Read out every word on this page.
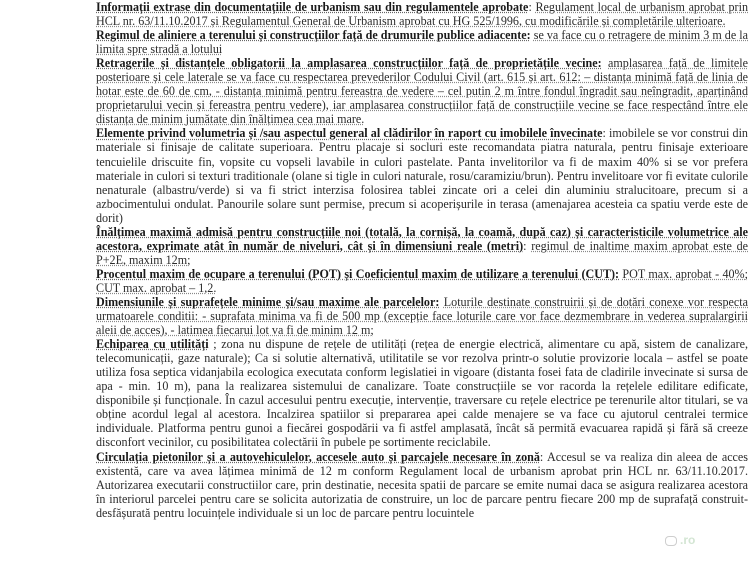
Informații extrase din documentațiile de urbanism sau din regulamentele aprobate: Regulament local de urbanism aprobat prin HCL nr. 63/11.10.2017 și Regulamentul General de Urbanism aprobat cu HG 525/1996, cu modificările și completările ulterioare.

Regimul de aliniere a terenului și construcțiilor față de drumurile publice adiacente: se va face cu o retragere de minim 3 m de la limita spre stradă a lotului

Retragerile și distanțele obligatorii la amplasarea construcțiilor față de proprietățile vecine: amplasarea față de limitele posterioare și cele laterale se va face cu respectarea prevederilor Codului Civil (art. 615 și art. 612: – distanța minimă față de linia de hotar este de 60 de cm, - distanța minimă pentru fereastra de vedere – cel putin 2 m între fondul îngradit sau neîngradit, aparținând proprietarului vecin și fereastra pentru vedere), iar amplasarea construcțiilor față de construcțiile vecine se face respectând între ele distanța de minim jumătate din înălțimea cea mai mare.

Elemente privind volumetria și /sau aspectul general al clădirilor în raport cu imobilele învecinate: imobilele se vor construi din materiale si finisaje de calitate superioara. Pentru placaje si socluri este recomandata piatra naturala, pentru finisaje exterioare tencuielile driscuite fin, vopsite cu vopseli lavabile in culori pastelate. Panta invelitorilor va fi de maxim 40% si se vor prefera materiale in culori si texturi traditionale (olane si tigle in culori naturale, rosu/caramiziu/brun). Pentru invelitoare vor fi evitate culorile nenaturale (albastru/verde) si va fi strict interzisa folosirea tablei zincate ori a celei din aluminiu stralucitoare, precum si a azbocimentului ondulat. Panourile solare sunt permise, precum si acoperișurile in terasa (amenajarea acesteia ca spatiu verde este de dorit)

Înălțimea maximă admisă pentru construcțiile noi (totală, la cornișă, la coamă, după caz) și caracteristicile volumetrice ale acestora, exprimate atât în număr de niveluri, cât și în dimensiuni reale (metri): regimul de inaltime maxim aprobat este de P+2E, maxim 12m;

Procentul maxim de ocupare a terenului (POT) și Coeficientul maxim de utilizare a terenului (CUT): POT max. aprobat - 40%; CUT max. aprobat – 1,2.

Dimensiunile și suprafețele minime și/sau maxime ale parcelelor: Loturile destinate construirii și de dotări conexe vor respecta urmatoarele conditii: - suprafata minima va fi de 500 mp (excepție face loturile care vor face dezmembrare in vederea supralargirii aleii de acces), - latimea fiecarui lot va fi de minim 12 m;

Echiparea cu utilități ; zona nu dispune de rețele de utilități (rețea de energie electrică, alimentare cu apă, sistem de canalizare, telecomunicații, gaze naturale); Ca si solutie alternativă, utilitatile se vor rezolva printr-o solutie provizorie locala – astfel se poate utiliza fosa septica vidanjabila ecologica executata conform legislatiei in vigoare (distanta fosei fata de cladirile invecinate si sursa de apa - min. 10 m), pana la realizarea sistemului de canalizare. Toate construcțiile se vor racorda la rețelele edilitare edificate, disponibile și funcționale. În cazul accesului pentru execuție, intervenție, traversare cu rețele electrice pe terenurile altor titulari, se va obține acordul legal al acestora. Incalzirea spatiilor si prepararea apei calde menajere se va face cu ajutorul centralei termice individuale. Platforma pentru gunoi a fiecărei gospodării va fi astfel amplasată, încât să permită evacuarea rapidă și fără să creeze disconfort vecinilor, cu posibilitatea colectării în pubele pe sortimente reciclabile.

Circulația pietonilor și a autovehiculelor, accesele auto și parcajele necesare în zonă: Accesul se va realiza din aleea de acces existentă, care va avea lățimea minimă de 12 m conform Regulament local de urbanism aprobat prin HCL nr. 63/11.10.2017. Autorizarea executarii constructiilor care, prin destinatie, necesita spatii de parcare se emite numai daca se asigura realizarea acestora în interiorul parcelei pentru care se solicita autorizatia de construire, un loc de parcare pentru fiecare 200 mp de suprafață construit-desfășurată pentru locuințele individuale si un loc de parcare pentru locuintele

.ro
